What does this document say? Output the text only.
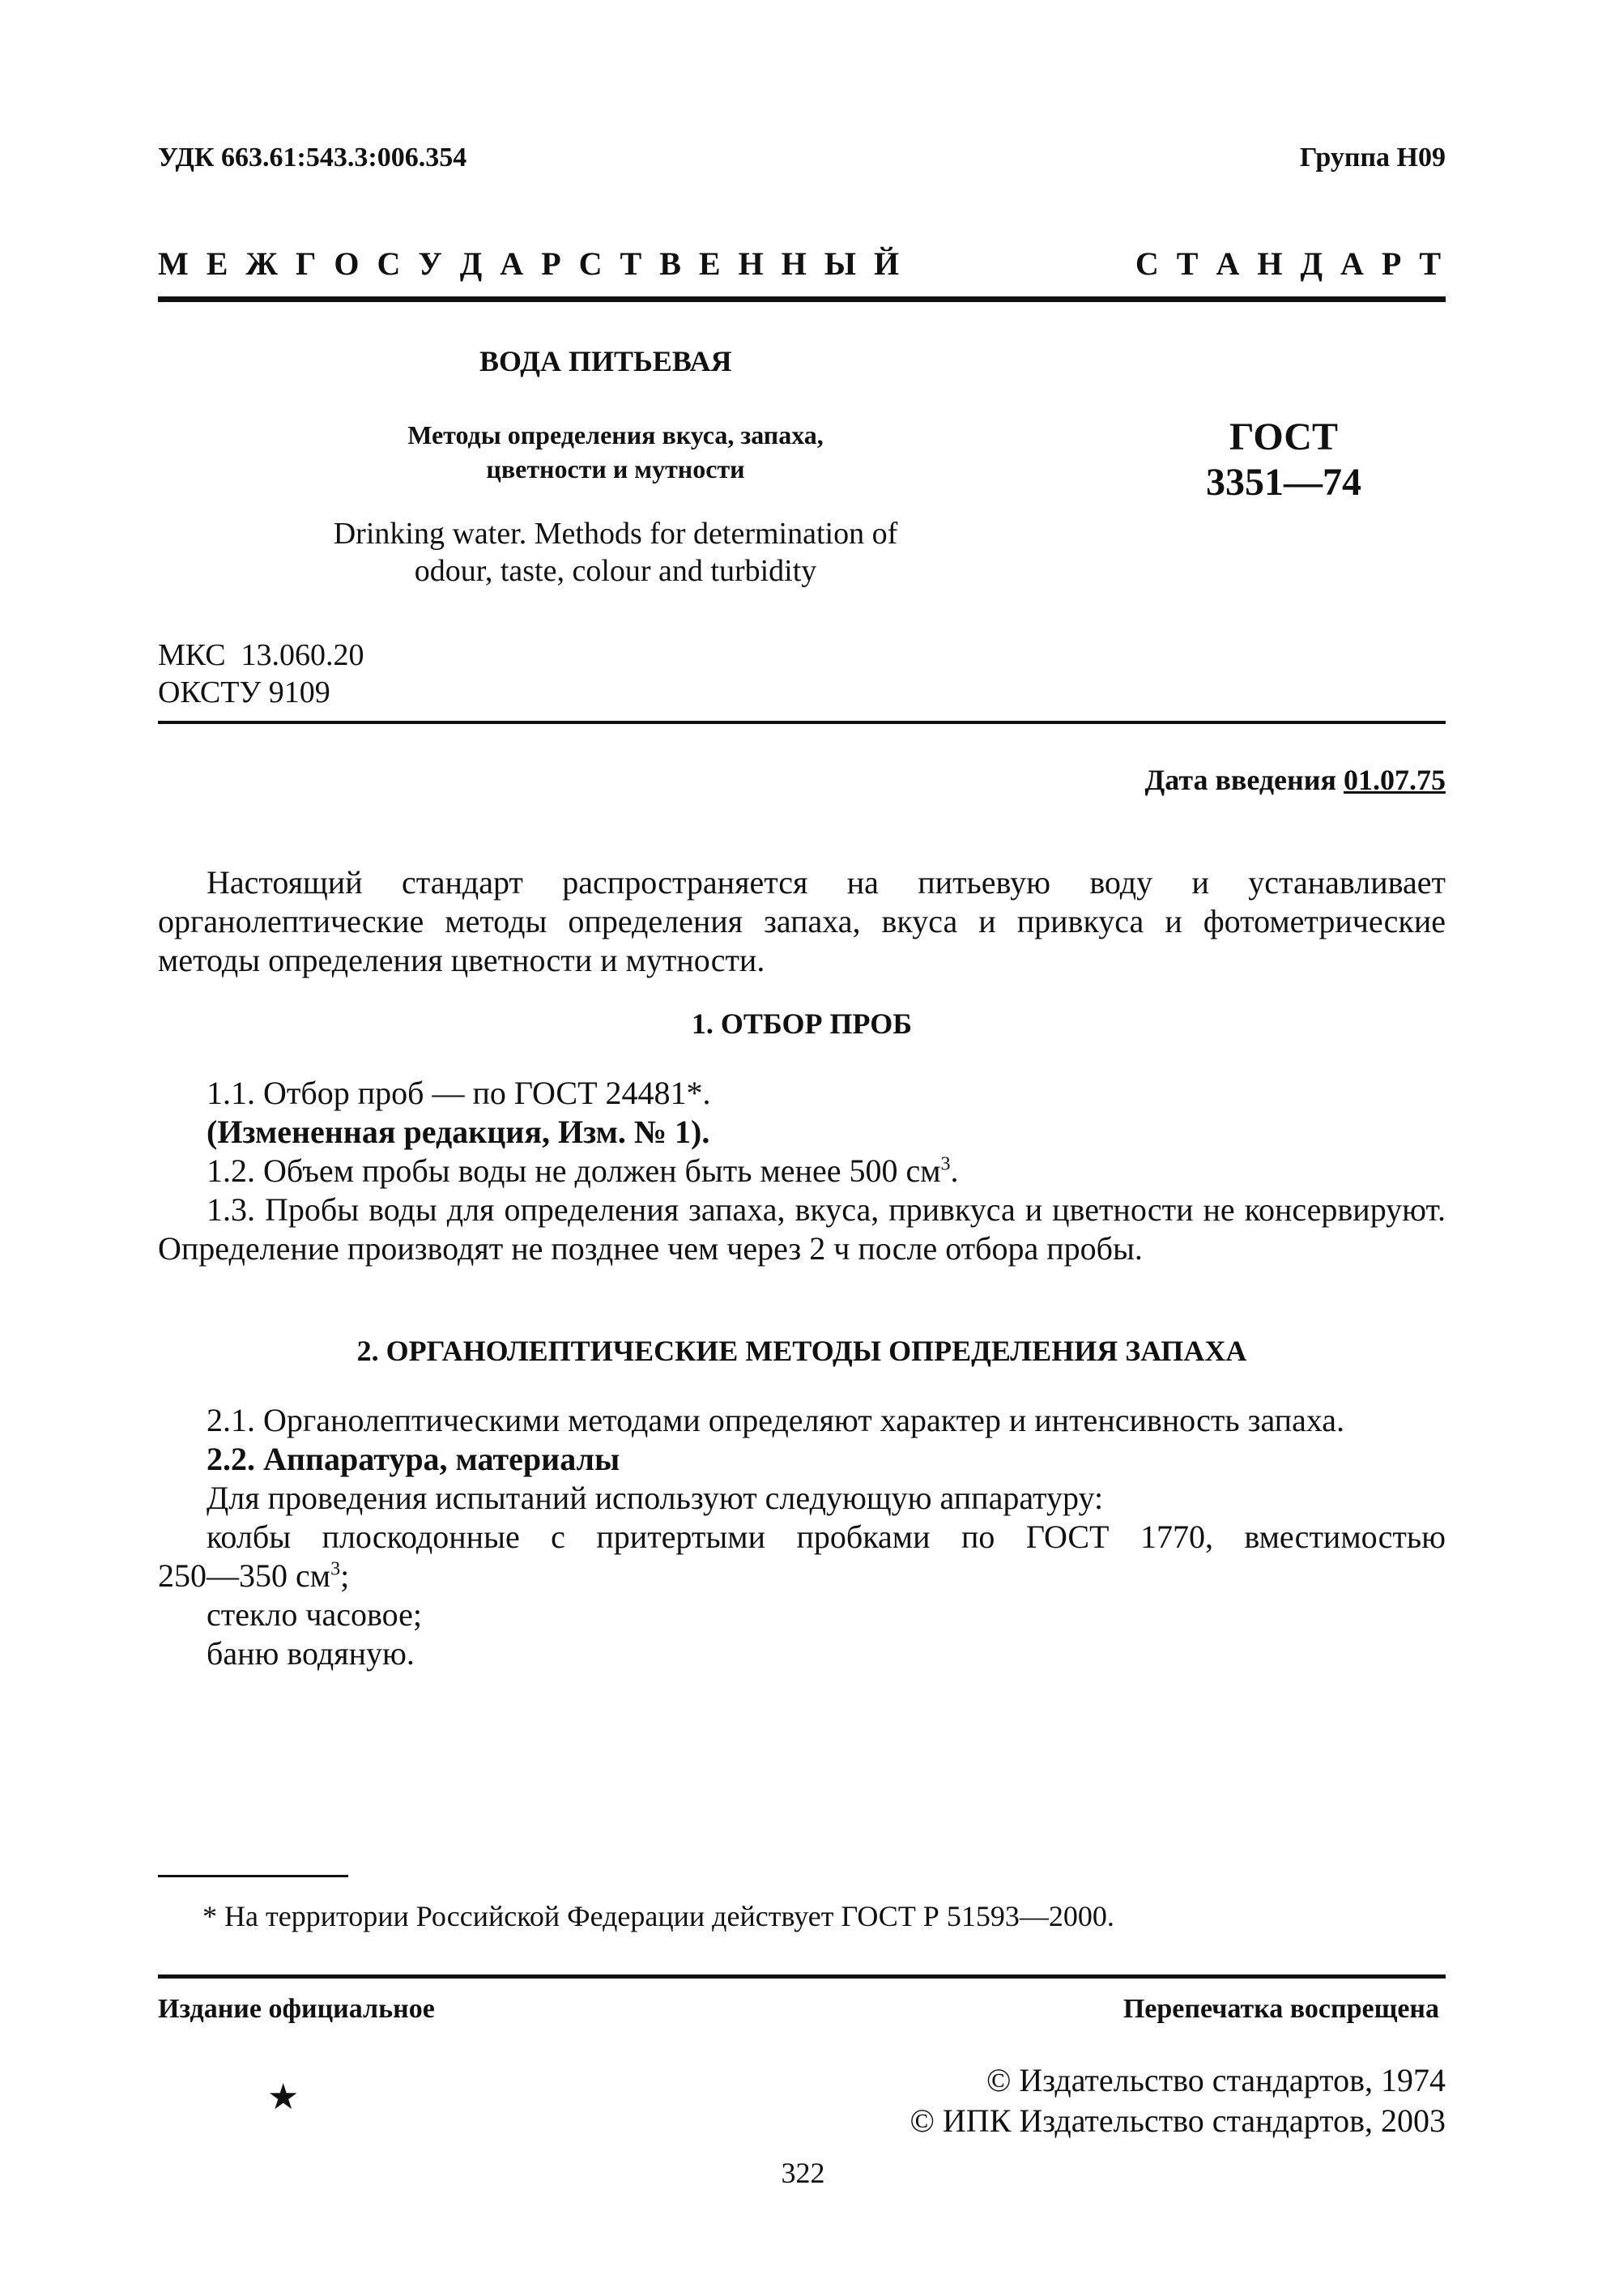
УДК 663.61:543.3:006.354	Группа Н09
М Е Ж Г О С У Д А Р С Т В Е Н Н Ы Й	С Т А Н Д А Р Т
ВОДА ПИТЬЕВАЯ
Методы определения вкуса, запаха,
цветности и мутности
Drinking water. Methods for determination of
odour, taste, colour and turbidity
ГОСТ
3351—74
МКС  13.060.20
ОКСТУ 9109
Дата введения 01.07.75

Настоящий стандарт распространяется на питьевую воду и устанавливает органолептические методы определения запаха, вкуса и привкуса и фотометрические методы определения цветности и мутности.

1. ОТБОР ПРОБ

1.1. Отбор проб — по ГОСТ 24481*.

(Измененная редакция, Изм. № 1).

1.2. Объем пробы воды не должен быть менее 500 $см^3$.

1.3. Пробы воды для определения запаха, вкуса, привкуса и цветности не консервируют. Определение производят не позднее чем через 2 ч после отбора пробы.

2. ОРГАНОЛЕПТИЧЕСКИЕ МЕТОДЫ ОПРЕДЕЛЕНИЯ ЗАПАХА

2.1. Органолептическими методами определяют характер и интенсивность запаха.

2.2. Аппаратура, материалы

Для проведения испытаний используют следующую аппаратуру:

колбы плоскодонные с притертыми пробками по ГОСТ 1770, вместимостью

250—350 $см^3$;

стекло часовое;

баню водяную.

* На территории Российской Федерации действует ГОСТ Р 51593—2000.
Издание официальное	Перепечатка воспрещена
★	© Издательство стандартов, 1974
© ИПК Издательство стандартов, 2003
322
